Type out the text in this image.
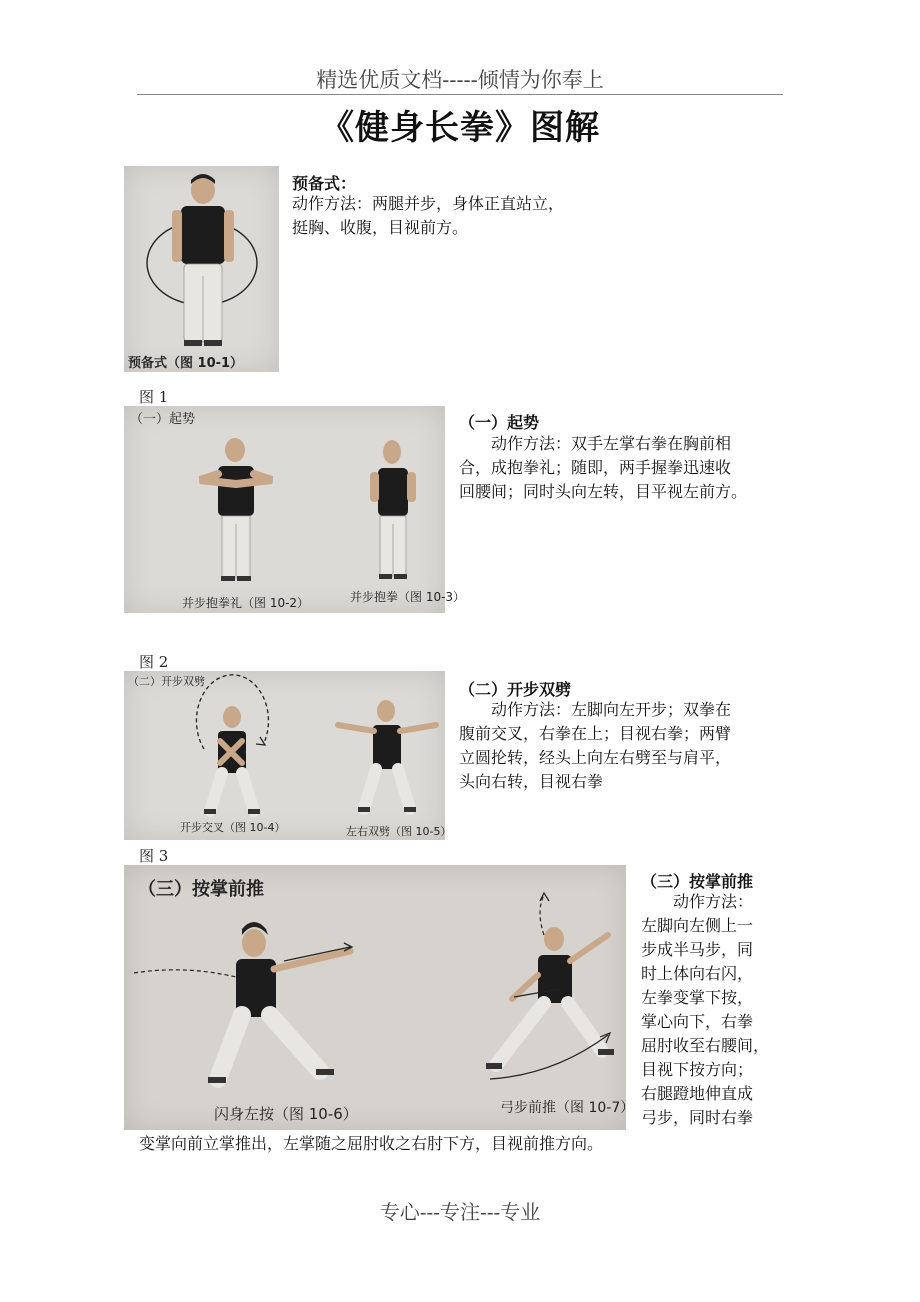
精选优质文档-----倾情为你奉上
《健身长拳》图解
预备式（图 10-1）
预备式：
动作方法：两腿并步，身体正直站立，
挺胸、收腹，目视前方。
图 1
（一）起势
并步抱拳礼（图 10-2）	并步抱拳（图 10-3）
（一）起势
动作方法：双手左掌右拳在胸前相
合，成抱拳礼；随即，两手握拳迅速收
回腰间；同时头向左转，目平视左前方。
图 2
（二）开步双劈
开步交叉（图 10-4）	左右双劈（图 10-5）
（二）开步双劈
动作方法：左脚向左开步；双拳在
腹前交叉，右拳在上；目视右拳；两臂
立圆抡转，经头上向左右劈至与肩平，
头向右转，目视右拳
图 3
（三）按掌前推
闪身左按（图 10-6）	弓步前推（图 10-7）
（三）按掌前推
动作方法：
左脚向左侧上一
步成半马步，同
时上体向右闪，
左拳变掌下按，
掌心向下，右拳
屈肘收至右腰间，
目视下按方向；
右腿蹬地伸直成
弓步，同时右拳
变掌向前立掌推出，左掌随之屈肘收之右肘下方，目视前推方向。
专心---专注---专业
